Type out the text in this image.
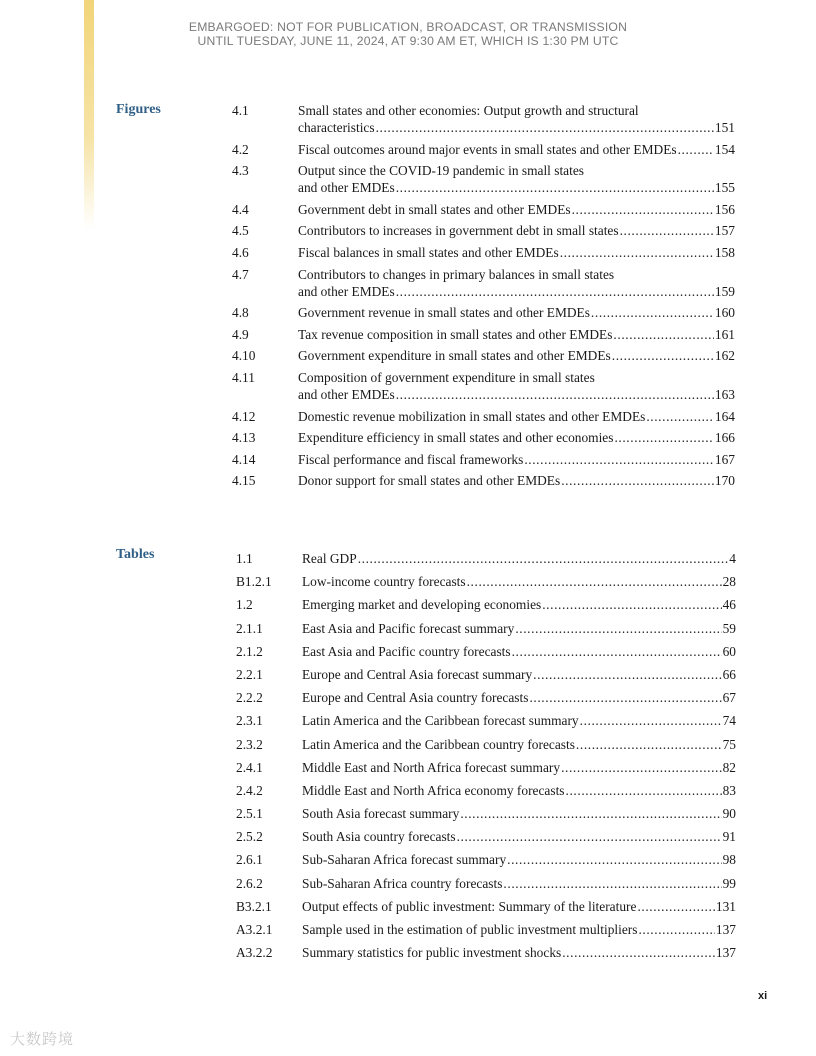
EMBARGOED: NOT FOR PUBLICATION, BROADCAST, OR TRANSMISSION
UNTIL TUESDAY, JUNE 11, 2024, AT 9:30 AM ET, WHICH IS 1:30 PM UTC
Figures	4.1	Small states and other economies: Output growth and structural
characteristics .....	151
4.2	Fiscal outcomes around major events in small states and other EMDEs .....	154
4.3	Output since the COVID-19 pandemic in small states
and other EMDEs .....	155
4.4	Government debt in small states and other EMDEs .....	156
4.5	Contributors to increases in government debt in small states .....	157
4.6	Fiscal balances in small states and other EMDEs .....	158
4.7	Contributors to changes in primary balances in small states
and other EMDEs .....	159
4.8	Government revenue in small states and other EMDEs .....	160
4.9	Tax revenue composition in small states and other EMDEs .....	161
4.10	Government expenditure in small states and other EMDEs .....	162
4.11	Composition of government expenditure in small states
and other EMDEs .....	163
4.12	Domestic revenue mobilization in small states and other EMDEs .....	164
4.13	Expenditure efficiency in small states and other economies .....	166
4.14	Fiscal performance and fiscal frameworks .....	167
4.15	Donor support for small states and other EMDEs .....	170
Tables	1.1	Real GDP .....	4
B1.2.1	Low-income country forecasts .....	28
1.2	Emerging market and developing economies .....	46
2.1.1	East Asia and Pacific forecast summary .....	59
2.1.2	East Asia and Pacific country forecasts .....	60
2.2.1	Europe and Central Asia forecast summary .....	66
2.2.2	Europe and Central Asia country forecasts .....	67
2.3.1	Latin America and the Caribbean forecast summary .....	74
2.3.2	Latin America and the Caribbean country forecasts .....	75
2.4.1	Middle East and North Africa forecast summary .....	82
2.4.2	Middle East and North Africa economy forecasts .....	83
2.5.1	South Asia forecast summary .....	90
2.5.2	South Asia country forecasts .....	91
2.6.1	Sub-Saharan Africa forecast summary .....	98
2.6.2	Sub-Saharan Africa country forecasts .....	99
B3.2.1	Output effects of public investment: Summary of the literature .....	131
A3.2.1	Sample used in the estimation of public investment multipliers .....	137
A3.2.2	Summary statistics for public investment shocks .....	137
xi
大数跨境
